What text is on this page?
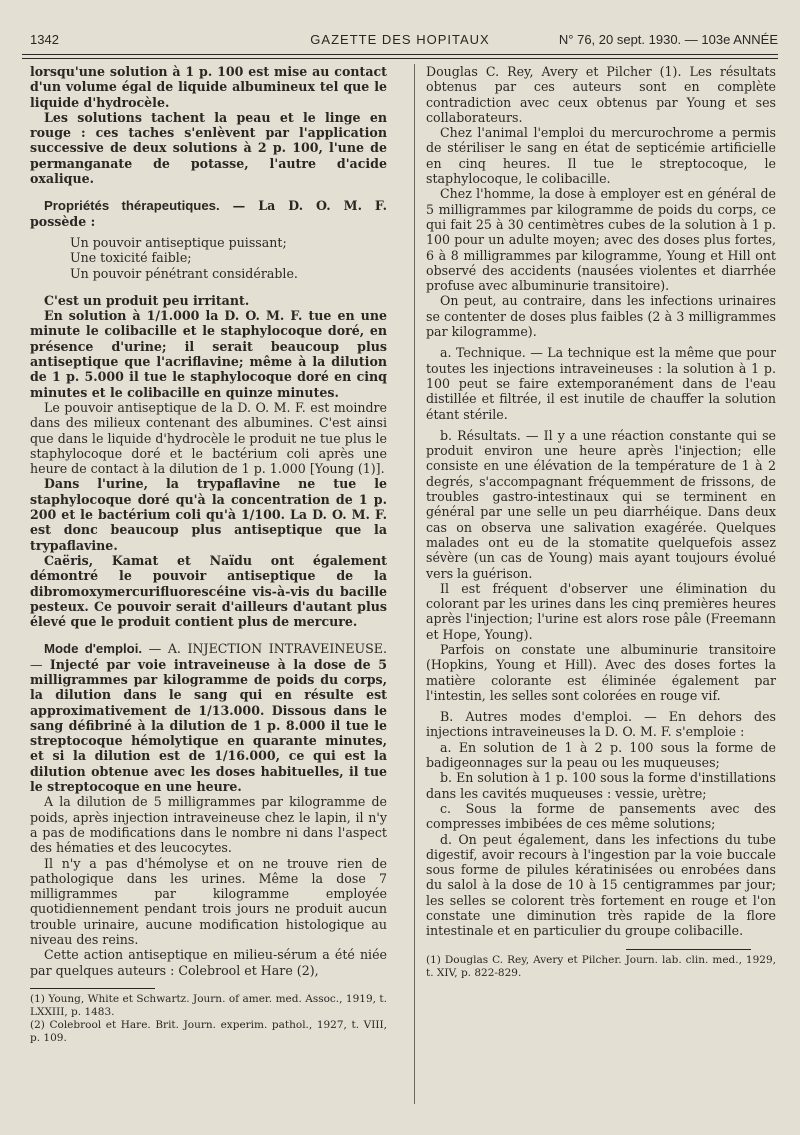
1342	GAZETTE DES HOPITAUX	N° 76, 20 sept. 1930. — 103e ANNÉE

lorsqu'une solution à 1 p. 100 est mise au contact d'un volume égal de liquide albumineux tel que le liquide d'hydrocèle.

Les solutions tachent la peau et le linge en rouge : ces taches s'enlèvent par l'application successive de deux solutions à 2 p. 100, l'une de permanganate de potasse, l'autre d'acide oxalique.

Propriétés thérapeutiques. — La D. O. M. F. possède :

Un pouvoir antiseptique puissant;

Une toxicité faible;

Un pouvoir pénétrant considérable.

C'est un produit peu irritant.

En solution à 1/1.000 la D. O. M. F. tue en une minute le colibacille et le staphylocoque doré, en présence d'urine; il serait beaucoup plus antiseptique que l'acriflavine; même à la dilution de 1 p. 5.000 il tue le staphylocoque doré en cinq minutes et le colibacille en quinze minutes.

Le pouvoir antiseptique de la D. O. M. F. est moindre dans des milieux contenant des albumines. C'est ainsi que dans le liquide d'hydrocèle le produit ne tue plus le staphylocoque doré et le bactérium coli après une heure de contact à la dilution de 1 p. 1.000 [Young (1)].

Dans l'urine, la trypaflavine ne tue le staphylocoque doré qu'à la concentration de 1 p. 200 et le bactérium coli qu'à 1/100. La D. O. M. F. est donc beaucoup plus antiseptique que la trypaflavine.

Caëris, Kamat et Naïdu ont également démontré le pouvoir antiseptique de la dibromoxymercurifluorescéine vis-à-vis du bacille pesteux. Ce pouvoir serait d'ailleurs d'autant plus élevé que le produit contient plus de mercure.

Mode d'emploi. — A. INJECTION INTRAVEINEUSE. — Injecté par voie intraveineuse à la dose de 5 milligrammes par kilogramme de poids du corps, la dilution dans le sang qui en résulte est approximativement de 1/13.000. Dissous dans le sang défibriné à la dilution de 1 p. 8.000 il tue le streptocoque hémolytique en quarante minutes, et si la dilution est de 1/16.000, ce qui est la dilution obtenue avec les doses habituelles, il tue le streptocoque en une heure.

A la dilution de 5 milligrammes par kilogramme de poids, après injection intraveineuse chez le lapin, il n'y a pas de modifications dans le nombre ni dans l'aspect des hématies et des leucocytes.

Il n'y a pas d'hémolyse et on ne trouve rien de pathologique dans les urines. Même la dose 7 milligrammes par kilogramme employée quotidiennement pendant trois jours ne produit aucun trouble urinaire, aucune modification histologique au niveau des reins.

Cette action antiseptique en milieu-sérum a été niée par quelques auteurs : Colebrool et Hare (2),

(1) Young, White et Schwartz. Journ. of amer. med. Assoc., 1919, t. LXXIII, p. 1483.

(2) Colebrool et Hare. Brit. Journ. experim. pathol., 1927, t. VIII, p. 109.

Douglas C. Rey, Avery et Pilcher (1). Les résultats obtenus par ces auteurs sont en complète contradiction avec ceux obtenus par Young et ses collaborateurs.

Chez l'animal l'emploi du mercurochrome a permis de stériliser le sang en état de septicémie artificielle en cinq heures. Il tue le streptocoque, le staphylocoque, le colibacille.

Chez l'homme, la dose à employer est en général de 5 milligrammes par kilogramme de poids du corps, ce qui fait 25 à 30 centimètres cubes de la solution à 1 p. 100 pour un adulte moyen; avec des doses plus fortes, 6 à 8 milligrammes par kilogramme, Young et Hill ont observé des accidents (nausées violentes et diarrhée profuse avec albuminurie transitoire).

On peut, au contraire, dans les infections urinaires se contenter de doses plus faibles (2 à 3 milligrammes par kilogramme).

a. Technique. — La technique est la même que pour toutes les injections intraveineuses : la solution à 1 p. 100 peut se faire extemporanément dans de l'eau distillée et filtrée, il est inutile de chauffer la solution étant stérile.

b. Résultats. — Il y a une réaction constante qui se produit environ une heure après l'injection; elle consiste en une élévation de la température de 1 à 2 degrés, s'accompagnant fréquemment de frissons, de troubles gastro-intestinaux qui se terminent en général par une selle un peu diarrhéique. Dans deux cas on observa une salivation exagérée. Quelques malades ont eu de la stomatite quelquefois assez sévère (un cas de Young) mais ayant toujours évolué vers la guérison.

Il est fréquent d'observer une élimination du colorant par les urines dans les cinq premières heures après l'injection; l'urine est alors rose pâle (Freemann et Hope, Young).

Parfois on constate une albuminurie transitoire (Hopkins, Young et Hill). Avec des doses fortes la matière colorante est éliminée également par l'intestin, les selles sont colorées en rouge vif.

B. Autres modes d'emploi. — En dehors des injections intraveineuses la D. O. M. F. s'emploie :

a. En solution de 1 à 2 p. 100 sous la forme de badigeonnages sur la peau ou les muqueuses;

b. En solution à 1 p. 100 sous la forme d'instillations dans les cavités muqueuses : vessie, urètre;

c. Sous la forme de pansements avec des compresses imbibées de ces même solutions;

d. On peut également, dans les infections du tube digestif, avoir recours à l'ingestion par la voie buccale sous forme de pilules kératinisées ou enrobées dans du salol à la dose de 10 à 15 centigrammes par jour; les selles se colorent très fortement en rouge et l'on constate une diminution très rapide de la flore intestinale et en particulier du groupe colibacille.

(1) Douglas C. Rey, Avery et Pilcher. Journ. lab. clin. med., 1929, t. XIV, p. 822-829.
